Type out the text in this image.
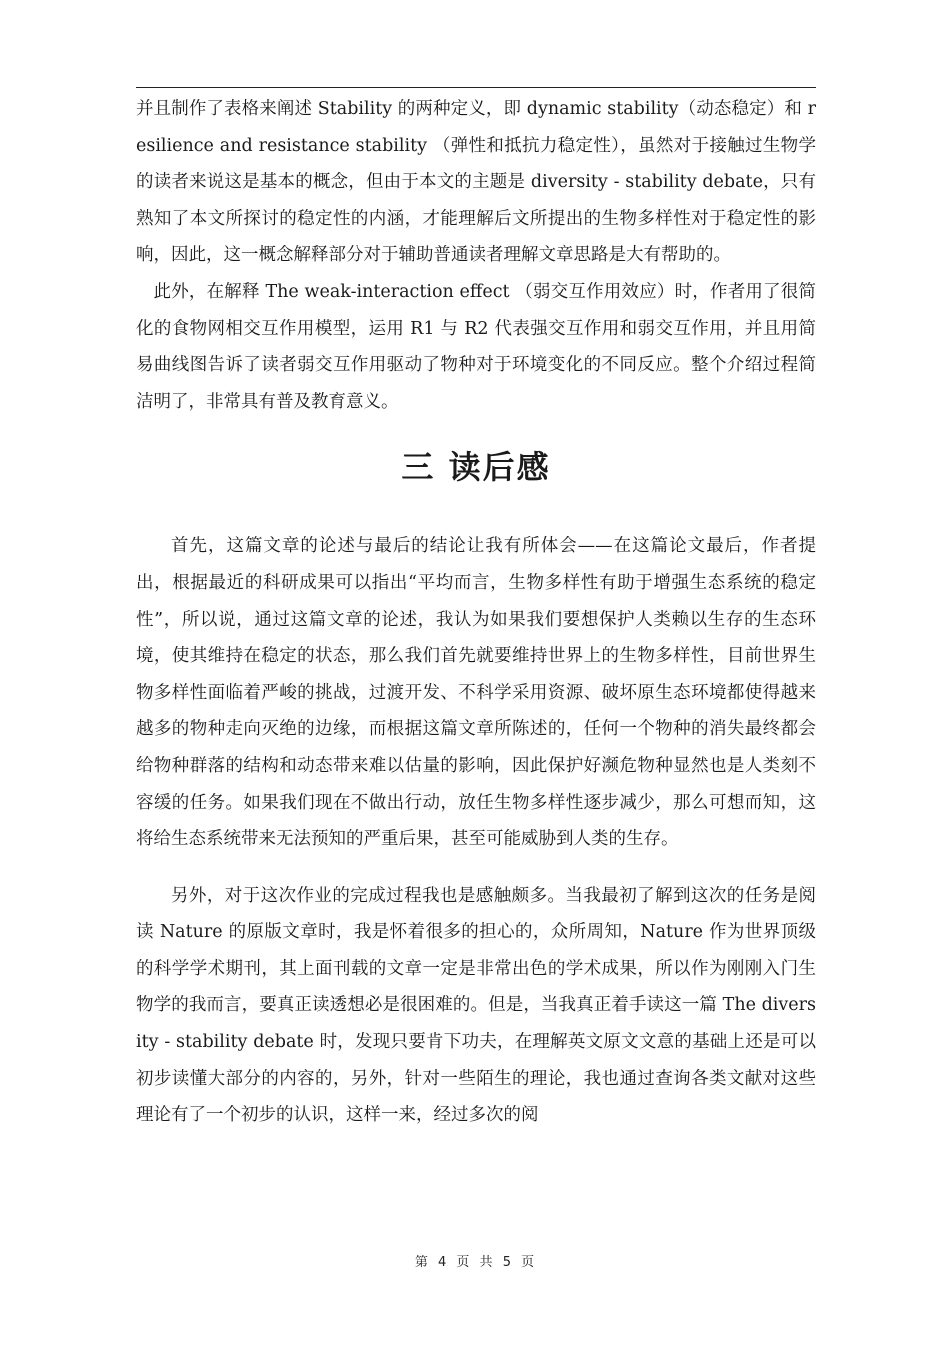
并且制作了表格来阐述 Stability 的两种定义，即 dynamic stability（动态稳定）和 resilience and resistance stability （弹性和抵抗力稳定性），虽然对于接触过生物学的读者来说这是基本的概念，但由于本文的主题是 diversity - stability debate，只有熟知了本文所探讨的稳定性的内涵，才能理解后文所提出的生物多样性对于稳定性的影响，因此，这一概念解释部分对于辅助普通读者理解文章思路是大有帮助的。

此外，在解释 The weak-interaction effect （弱交互作用效应）时，作者用了很简化的食物网相交互作用模型，运用 R1 与 R2 代表强交互作用和弱交互作用，并且用简易曲线图告诉了读者弱交互作用驱动了物种对于环境变化的不同反应。整个介绍过程简洁明了，非常具有普及教育意义。

三 读后感

首先，这篇文章的论述与最后的结论让我有所体会——在这篇论文最后，作者提出，根据最近的科研成果可以指出“平均而言，生物多样性有助于增强生态系统的稳定性”，所以说，通过这篇文章的论述，我认为如果我们要想保护人类赖以生存的生态环境，使其维持在稳定的状态，那么我们首先就要维持世界上的生物多样性，目前世界生物多样性面临着严峻的挑战，过渡开发、不科学采用资源、破坏原生态环境都使得越来越多的物种走向灭绝的边缘，而根据这篇文章所陈述的，任何一个物种的消失最终都会给物种群落的结构和动态带来难以估量的影响，因此保护好濒危物种显然也是人类刻不容缓的任务。如果我们现在不做出行动，放任生物多样性逐步减少，那么可想而知，这将给生态系统带来无法预知的严重后果，甚至可能威胁到人类的生存。

另外，对于这次作业的完成过程我也是感触颇多。当我最初了解到这次的任务是阅读 Nature 的原版文章时，我是怀着很多的担心的，众所周知，Nature 作为世界顶级的科学学术期刊，其上面刊载的文章一定是非常出色的学术成果，所以作为刚刚入门生物学的我而言，要真正读透想必是很困难的。但是，当我真正着手读这一篇 The diversity - stability debate 时，发现只要肯下功夫，在理解英文原文文意的基础上还是可以初步读懂大部分的内容的，另外，针对一些陌生的理论，我也通过查询各类文献对这些理论有了一个初步的认识，这样一来，经过多次的阅

第 4 页 共 5 页
